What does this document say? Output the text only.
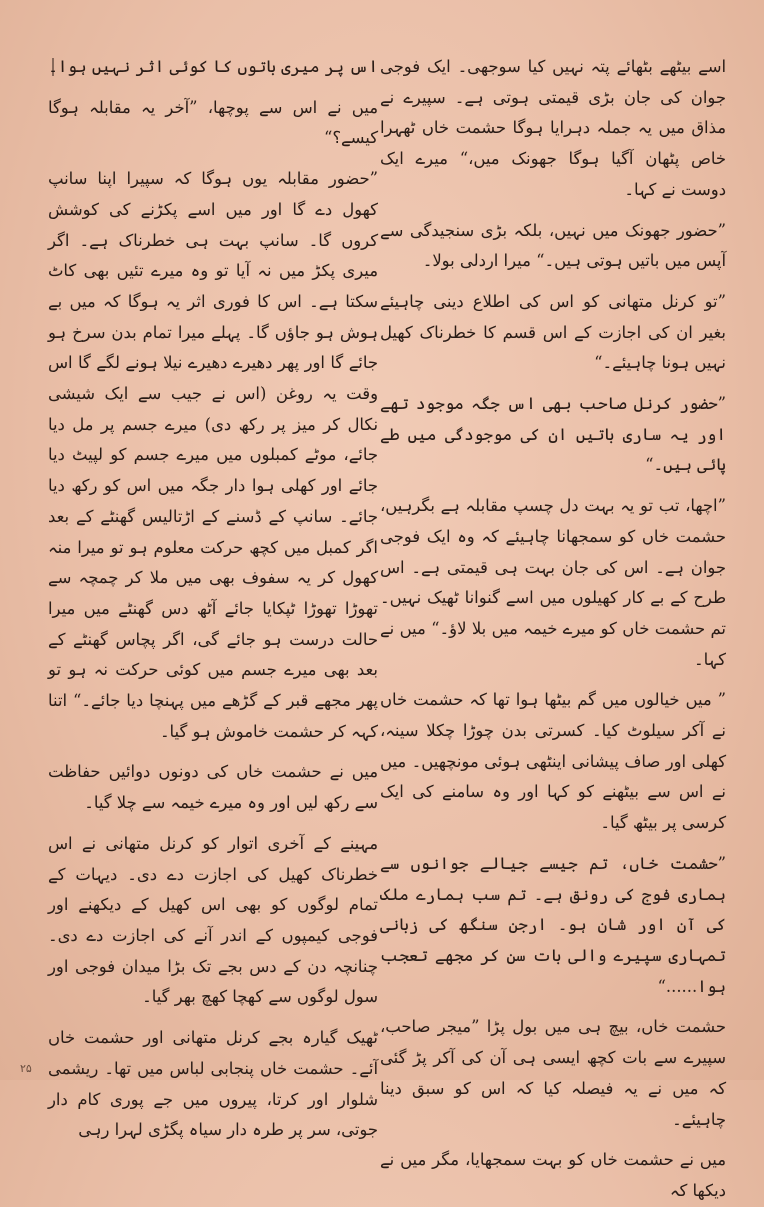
اسے بیٹھے بٹھائے پتہ نہیں کیا سوجھی۔ ایک فوجی جوان کی جان بڑی قیمتی ہوتی ہے۔ سپیرے نے مذاق میں یہ جملہ دہرایا ہوگا حشمت خاں ٹھہرا خاص پٹھان آگیا ہوگا جھونک میں،“ میرے ایک دوست نے کہا۔

”حضور جھونک میں نہیں، بلکہ بڑی سنجیدگی سے آپس میں باتیں ہوتی ہیں۔“ میرا اردلی بولا۔

”تو کرنل متھانی کو اس کی اطلاع دینی چاہیئے بغیر ان کی اجازت کے اس قسم کا خطرناک کھیل نہیں ہونا چاہیئے۔“

”حضور کرنل صاحب بھی اس جگہ موجود تھے اور یہ ساری باتیں ان کی موجودگی میں طے پائی ہیں۔“

”اچھا، تب تو یہ بہت دل چسپ مقابلہ ہے بگرہیں، حشمت خاں کو سمجھانا چاہیئے کہ وہ ایک فوجی جوان ہے۔ اس کی جان بہت ہی قیمتی ہے۔ اس طرح کے بے کار کھیلوں میں اسے گنوانا ٹھیک نہیں۔ تم حشمت خاں کو میرے خیمہ میں بلا لاؤ۔“ میں نے کہا۔

” میں خیالوں میں گم بیٹھا ہوا تھا کہ حشمت خاں نے آکر سیلوٹ کیا۔ کسرتی بدن چوڑا چکلا سینہ، کھلی اور صاف پیشانی اینٹھی ہوئی مونچھیں۔ میں نے اس سے بیٹھنے کو کہا اور وہ سامنے کی ایک کرسی پر بیٹھ گیا۔

”حشمت خاں، تم جیسے جیالے جوانوں سے ہماری فوج کی رونق ہے۔ تم سب ہمارے ملک کی آن اور شان ہو۔ ارجن سنگھ کی زبانی تمہاری سپیرے والی بات سن کر مجھے تعجب ہوا......“

حشمت خاں، بیچ ہی میں بول پڑا ”میجر صاحب، سپیرے سے بات کچھ ایسی ہی آن کی آکر پڑ گئی کہ میں نے یہ فیصلہ کیا کہ اس کو سبق دینا چاہیئے۔

میں نے حشمت خاں کو بہت سمجھایا، مگر میں نے دیکھا کہ

اس پر میری باتوں کا کوئی اثر نہیں ہوا۔

میں نے اس سے پوچھا، ”آخر یہ مقابلہ ہوگا کیسے؟“

”حضور مقابلہ یوں ہوگا کہ سپیرا اپنا سانپ کھول دے گا اور میں اسے پکڑنے کی کوشش کروں گا۔ سانپ بہت ہی خطرناک ہے۔ اگر میری پکڑ میں نہ آیا تو وہ میرے تئیں بھی کاٹ سکتا ہے۔ اس کا فوری اثر یہ ہوگا کہ میں بے ہوش ہو جاؤں گا۔ پہلے میرا تمام بدن سرخ ہو جائے گا اور پھر دھیرے دھیرے نیلا ہونے لگے گا اس وقت یہ روغن (اس نے جیب سے ایک شیشی نکال کر میز پر رکھ دی) میرے جسم پر مل دیا جائے، موٹے کمبلوں میں میرے جسم کو لپیٹ دیا جائے اور کھلی ہوا دار جگہ میں اس کو رکھ دیا جائے۔ سانپ کے ڈسنے کے اڑتالیس گھنٹے کے بعد اگر کمبل میں کچھ حرکت معلوم ہو تو میرا منہ کھول کر یہ سفوف بھی میں ملا کر چمچہ سے تھوڑا تھوڑا ٹپکایا جائے آٹھ دس گھنٹے میں میرا حالت درست ہو جائے گی، اگر پچاس گھنٹے کے بعد بھی میرے جسم میں کوئی حرکت نہ ہو تو پھر مجھے قبر کے گڑھے میں پہنچا دیا جائے۔“ اتنا کہہ کر حشمت خاموش ہو گیا۔

میں نے حشمت خاں کی دونوں دوائیں حفاظت سے رکھ لیں اور وہ میرے خیمہ سے چلا گیا۔

مہینے کے آخری اتوار کو کرنل متھانی نے اس خطرناک کھیل کی اجازت دے دی۔ دیہات کے تمام لوگوں کو بھی اس کھیل کے دیکھنے اور فوجی کیمپوں کے اندر آنے کی اجازت دے دی۔ چنانچہ دن کے دس بجے تک بڑا میدان فوجی اور سول لوگوں سے کھچا کھچ بھر گیا۔

ٹھیک گیارہ بجے کرنل متھانی اور حشمت خاں آئے۔ حشمت خاں پنجابی لباس میں تھا۔ ریشمی شلوار اور کرتا، پیروں میں جے پوری کام دار جوتی، سر پر طرہ دار سیاہ پگڑی لہرا رہی

۲۵
